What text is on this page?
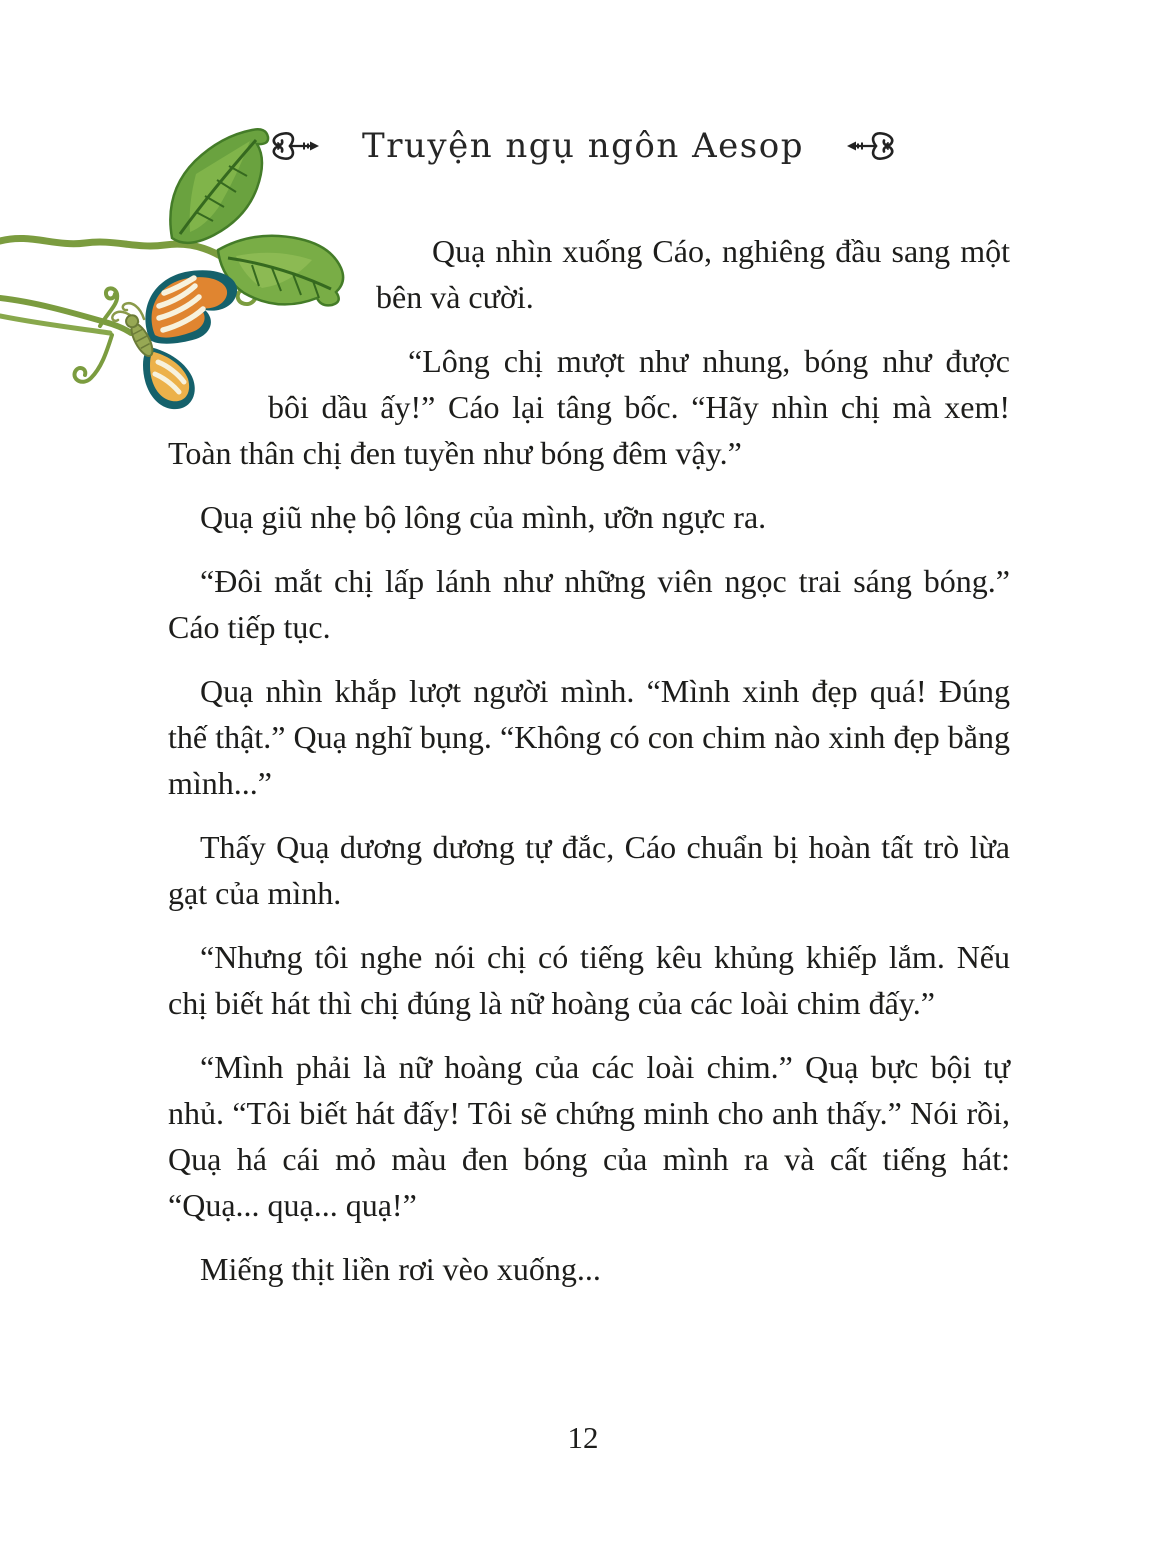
Truyện ngụ ngôn Aesop

Quạ nhìn xuống Cáo, nghiêng đầu sang một bên và cười.

“Lông chị mượt như nhung, bóng như được bôi dầu ấy!” Cáo lại tâng bốc. “Hãy nhìn chị mà xem! Toàn thân chị đen tuyền như bóng đêm vậy.”

Quạ giũ nhẹ bộ lông của mình, ưỡn ngực ra.

“Đôi mắt chị lấp lánh như những viên ngọc trai sáng bóng.” Cáo tiếp tục.

Quạ nhìn khắp lượt người mình. “Mình xinh đẹp quá! Đúng thế thật.” Quạ nghĩ bụng. “Không có con chim nào xinh đẹp bằng mình...”

Thấy Quạ dương dương tự đắc, Cáo chuẩn bị hoàn tất trò lừa gạt của mình.

“Nhưng tôi nghe nói chị có tiếng kêu khủng khiếp lắm. Nếu chị biết hát thì chị đúng là nữ hoàng của các loài chim đấy.”

“Mình phải là nữ hoàng của các loài chim.” Quạ bực bội tự nhủ. “Tôi biết hát đấy! Tôi sẽ chứng minh cho anh thấy.” Nói rồi, Quạ há cái mỏ màu đen bóng của mình ra và cất tiếng hát: “Quạ... quạ... quạ!”

Miếng thịt liền rơi vèo xuống...

12
